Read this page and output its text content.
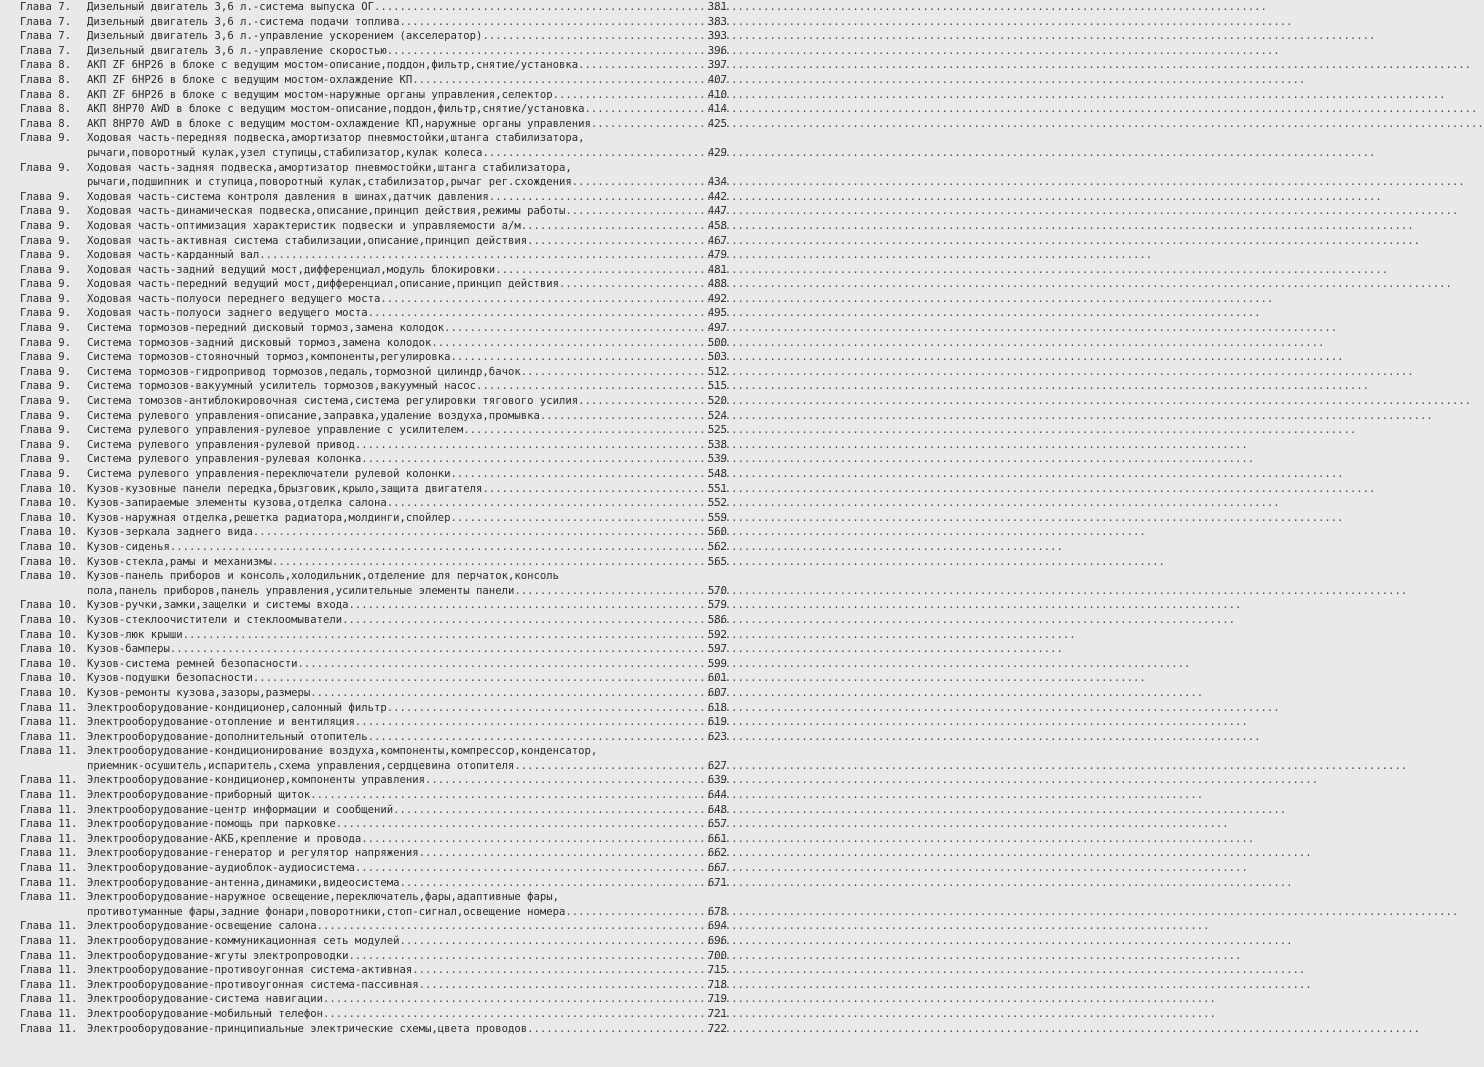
Глава 7.	Дизельный двигатель 3,6 л.-система выпуска ОГ .....	381
Глава 7.	Дизельный двигатель 3,6 л.-система подачи топлива .....	383
Глава 7.	Дизельный двигатель 3,6 л.-управление ускорением (акселератор) .....	393
Глава 7.	Дизельный двигатель 3,6 л.-управление скоростью .....	396
Глава 8.	АКП ZF 6HP26 в блоке с ведущим мостом-описание,поддон,фильтр,снятие/установка .....	397
Глава 8.	АКП ZF 6HP26 в блоке с ведущим мостом-охлаждение КП .....	407
Глава 8.	АКП ZF 6HP26 в блоке с ведущим мостом-наружные органы управления,селектор .....	410
Глава 8.	АКП 8HP70 AWD в блоке с ведущим мостом-описание,поддон,фильтр,снятие/установка .....	414
Глава 8.	АКП 8HP70 AWD в блоке с ведущим мостом-охлаждение КП,наружные органы управления .....	425
Глава 9.	Ходовая часть-передняя подвеска,амортизатор пневмостойки,штанга стабилизатора,
рычаги,поворотный кулак,узел ступицы,стабилизатор,кулак колеса .....	429
Глава 9.	Ходовая часть-задняя подвеска,амортизатор пневмостойки,штанга стабилизатора,
рычаги,подшипник и ступица,поворотный кулак,стабилизатор,рычаг рег.схождения .....	434
Глава 9.	Ходовая часть-система контроля давления в шинах,датчик давления .....	442
Глава 9.	Ходовая часть-динамическая подвеска,описание,принцип действия,режимы работы .....	447
Глава 9.	Ходовая часть-оптимизация характеристик подвески и управляемости а/м .....	458
Глава 9.	Ходовая часть-активная система стабилизации,описание,принцип действия .....	467
Глава 9.	Ходовая часть-карданный вал .....	479
Глава 9.	Ходовая часть-задний ведущий мост,дифференциал,модуль блокировки .....	481
Глава 9.	Ходовая часть-передний ведущий мост,дифференциал,описание,принцип действия .....	488
Глава 9.	Ходовая часть-полуоси переднего ведущего моста .....	492
Глава 9.	Ходовая часть-полуоси заднего ведущего моста .....	495
Глава 9.	Система тормозов-передний дисковый тормоз,замена колодок .....	497
Глава 9.	Система тормозов-задний дисковый тормоз,замена колодок .....	500
Глава 9.	Система тормозов-стояночный тормоз,компоненты,регулировка .....	503
Глава 9.	Система тормозов-гидропривод тормозов,педаль,тормозной цилиндр,бачок .....	512
Глава 9.	Система тормозов-вакуумный усилитель тормозов,вакуумный насос .....	515
Глава 9.	Система томозов-антиблокировочная система,система регулировки тягового усилия .....	520
Глава 9.	Система рулевого управления-описание,заправка,удаление воздуха,промывка .....	524
Глава 9.	Система рулевого управления-рулевое управление с усилителем .....	525
Глава 9.	Система рулевого управления-рулевой привод .....	538
Глава 9.	Система рулевого управления-рулевая колонка .....	539
Глава 9.	Система рулевого управления-переключатели рулевой колонки .....	548
Глава 10. Кузов-кузовные панели передка,брызговик,крыло,защита двигателя .....	551
Глава 10. Кузов-запираемые элементы кузова,отделка салона .....	552
Глава 10. Кузов-наружная отделка,решетка радиатора,молдинги,спойлер .....	559
Глава 10. Кузов-зеркала заднего вида .....	560
Глава 10. Кузов-сиденья .....	562
Глава 10. Кузов-стекла,рамы и механизмы .....	565
Глава 10. Кузов-панель приборов и консоль,холодильник,отделение для перчаток,консоль
пола,панель приборов,панель управления,усилительные элементы панели .....	570
Глава 10. Кузов-ручки,замки,защелки и системы входа .....	579
Глава 10. Кузов-стеклоочистители и стеклоомыватели .....	586
Глава 10. Кузов-люк крыши .....	592
Глава 10. Кузов-бамперы .....	597
Глава 10. Кузов-система ремней безопасности .....	599
Глава 10. Кузов-подушки безопасности .....	601
Глава 10. Кузов-ремонты кузова,зазоры,размеры .....	607
Глава 11. Электрооборудование-кондиционер,салонный фильтр .....	618
Глава 11. Электрооборудование-отопление и вентиляция .....	619
Глава 11. Электрооборудование-дополнительный отопитель .....	623
Глава 11. Электрооборудование-кондиционирование воздуха,компоненты,компрессор,конденсатор,
приемник-осушитель,испаритель,схема управления,сердцевина отопителя .....	627
Глава 11. Электрооборудование-кондиционер,компоненты управления .....	639
Глава 11. Электрооборудование-приборный щиток .....	644
Глава 11. Электрооборудование-центр информации и сообщений .....	648
Глава 11. Электрооборудование-помощь при парковке .....	657
Глава 11. Электрооборудование-АКБ,крепление и провода .....	661
Глава 11. Электрооборудование-генератор и регулятор напряжения .....	662
Глава 11. Электрооборудование-аудиоблок-аудиосистема .....	667
Глава 11. Электрооборудование-антенна,динамики,видеосистема .....	671
Глава 11. Электрооборудование-наружное освещение,переключатель,фары,адаптивные фары,
противотуманные фары,задние фонари,поворотники,стоп-сигнал,освещение номера .....	678
Глава 11. Электрооборудование-освещение салона .....	694
Глава 11. Электрооборудование-коммуникационная сеть модулей .....	696
Глава 11. Электрооборудование-жгуты электропроводки .....	700
Глава 11. Электрооборудование-противоугонная система-активная .....	715
Глава 11. Электрооборудование-противоугонная система-пассивная .....	718
Глава 11. Электрооборудование-система навигации .....	719
Глава 11. Электрооборудование-мобильный телефон .....	721
Глава 11. Электрооборудование-принципиальные электрические схемы,цвета проводов .....	722
